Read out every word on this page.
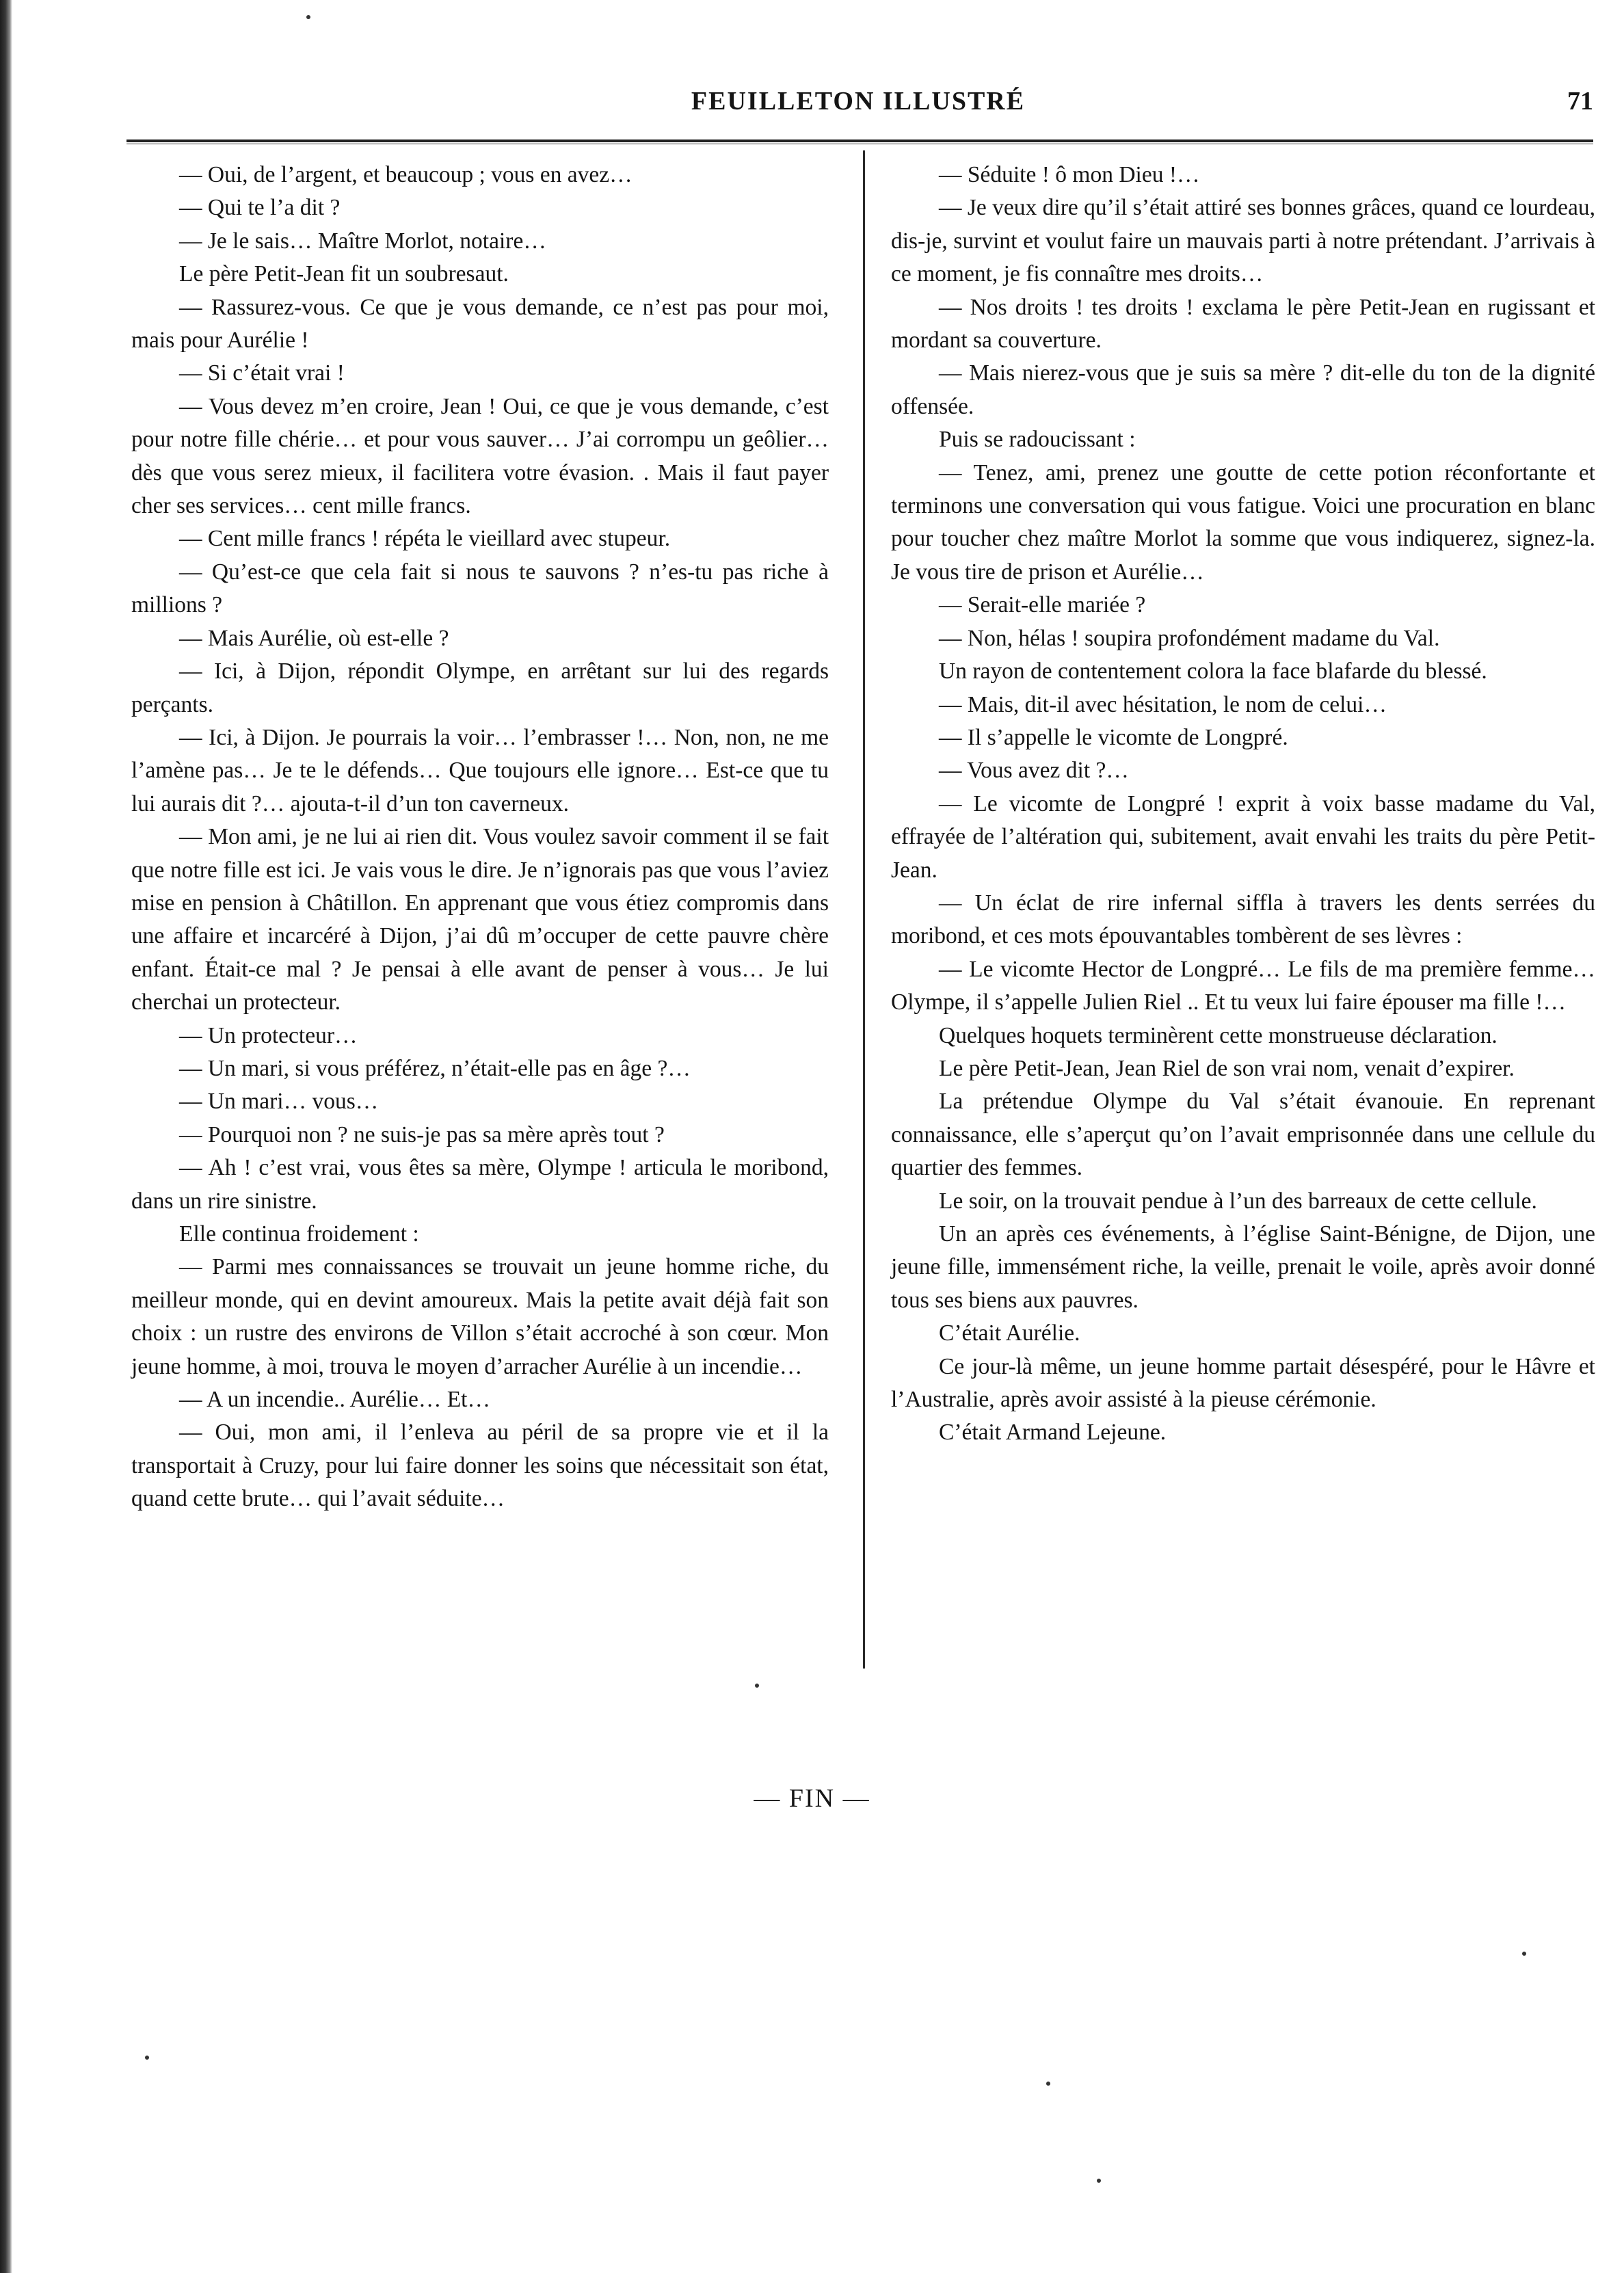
FEUILLETON ILLUSTRÉ	71

— Oui, de l’argent, et beaucoup ; vous en avez…

— Qui te l’a dit ?

— Je le sais… Maître Morlot, notaire…

Le père Petit-Jean fit un soubresaut.

— Rassurez-vous. Ce que je vous demande, ce n’est pas pour moi, mais pour Aurélie !

— Si c’était vrai !

— Vous devez m’en croire, Jean ! Oui, ce que je vous demande, c’est pour notre fille chérie… et pour vous sauver… J’ai corrompu un geôlier… dès que vous serez mieux, il facilitera votre évasion. . Mais il faut payer cher ses services… cent mille francs.

— Cent mille francs ! répéta le vieillard avec stupeur.

— Qu’est-ce que cela fait si nous te sauvons ? n’es-tu pas riche à millions ?

— Mais Aurélie, où est-elle ?

— Ici, à Dijon, répondit Olympe, en arrêtant sur lui des regards perçants.

— Ici, à Dijon. Je pourrais la voir… l’embrasser !… Non, non, ne me l’amène pas… Je te le défends… Que toujours elle ignore… Est-ce que tu lui aurais dit ?… ajouta-t-il d’un ton caverneux.

— Mon ami, je ne lui ai rien dit. Vous voulez savoir comment il se fait que notre fille est ici. Je vais vous le dire. Je n’ignorais pas que vous l’aviez mise en pension à Châtillon. En apprenant que vous étiez compromis dans une affaire et incarcéré à Dijon, j’ai dû m’occuper de cette pauvre chère enfant. Était-ce mal ? Je pensai à elle avant de penser à vous… Je lui cherchai un protecteur.

— Un protecteur…

— Un mari, si vous préférez, n’était-elle pas en âge ?…

— Un mari… vous…

— Pourquoi non ? ne suis-je pas sa mère après tout ?

— Ah ! c’est vrai, vous êtes sa mère, Olympe ! articula le moribond, dans un rire sinistre.

Elle continua froidement :

— Parmi mes connaissances se trouvait un jeune homme riche, du meilleur monde, qui en devint amoureux. Mais la petite avait déjà fait son choix : un rustre des environs de Villon s’était accroché à son cœur. Mon jeune homme, à moi, trouva le moyen d’arracher Aurélie à un incendie…

— A un incendie.. Aurélie… Et…

— Oui, mon ami, il l’enleva au péril de sa propre vie et il la transportait à Cruzy, pour lui faire donner les soins que nécessitait son état, quand cette brute… qui l’avait séduite…

— Séduite ! ô mon Dieu !…

— Je veux dire qu’il s’était attiré ses bonnes grâces, quand ce lourdeau, dis-je, survint et voulut faire un mauvais parti à notre prétendant. J’arrivais à ce moment, je fis connaître mes droits…

— Nos droits ! tes droits ! exclama le père Petit-Jean en rugissant et mordant sa couverture.

— Mais nierez-vous que je suis sa mère ? dit-elle du ton de la dignité offensée.

Puis se radoucissant :

— Tenez, ami, prenez une goutte de cette potion réconfortante et terminons une conversation qui vous fatigue. Voici une procuration en blanc pour toucher chez maître Morlot la somme que vous indiquerez, signez-la. Je vous tire de prison et Aurélie…

— Serait-elle mariée ?

— Non, hélas ! soupira profondément madame du Val.

Un rayon de contentement colora la face blafarde du blessé.

— Mais, dit-il avec hésitation, le nom de celui…

— Il s’appelle le vicomte de Longpré.

— Vous avez dit ?…

— Le vicomte de Longpré ! exprit à voix basse madame du Val, effrayée de l’altération qui, subitement, avait envahi les traits du père Petit-Jean.

— Un éclat de rire infernal siffla à travers les dents serrées du moribond, et ces mots épouvantables tombèrent de ses lèvres :

— Le vicomte Hector de Longpré… Le fils de ma première femme… Olympe, il s’appelle Julien Riel .. Et tu veux lui faire épouser ma fille !…

Quelques hoquets terminèrent cette monstrueuse déclaration.

Le père Petit-Jean, Jean Riel de son vrai nom, venait d’expirer.

La prétendue Olympe du Val s’était évanouie. En reprenant connaissance, elle s’aperçut qu’on l’avait emprisonnée dans une cellule du quartier des femmes.

Le soir, on la trouvait pendue à l’un des barreaux de cette cellule.

Un an après ces événements, à l’église Saint-Bénigne, de Dijon, une jeune fille, immensément riche, la veille, prenait le voile, après avoir donné tous ses biens aux pauvres.

C’était Aurélie.

Ce jour-là même, un jeune homme partait désespéré, pour le Hâvre et l’Australie, après avoir assisté à la pieuse cérémonie.

C’était Armand Lejeune.

— FIN —
